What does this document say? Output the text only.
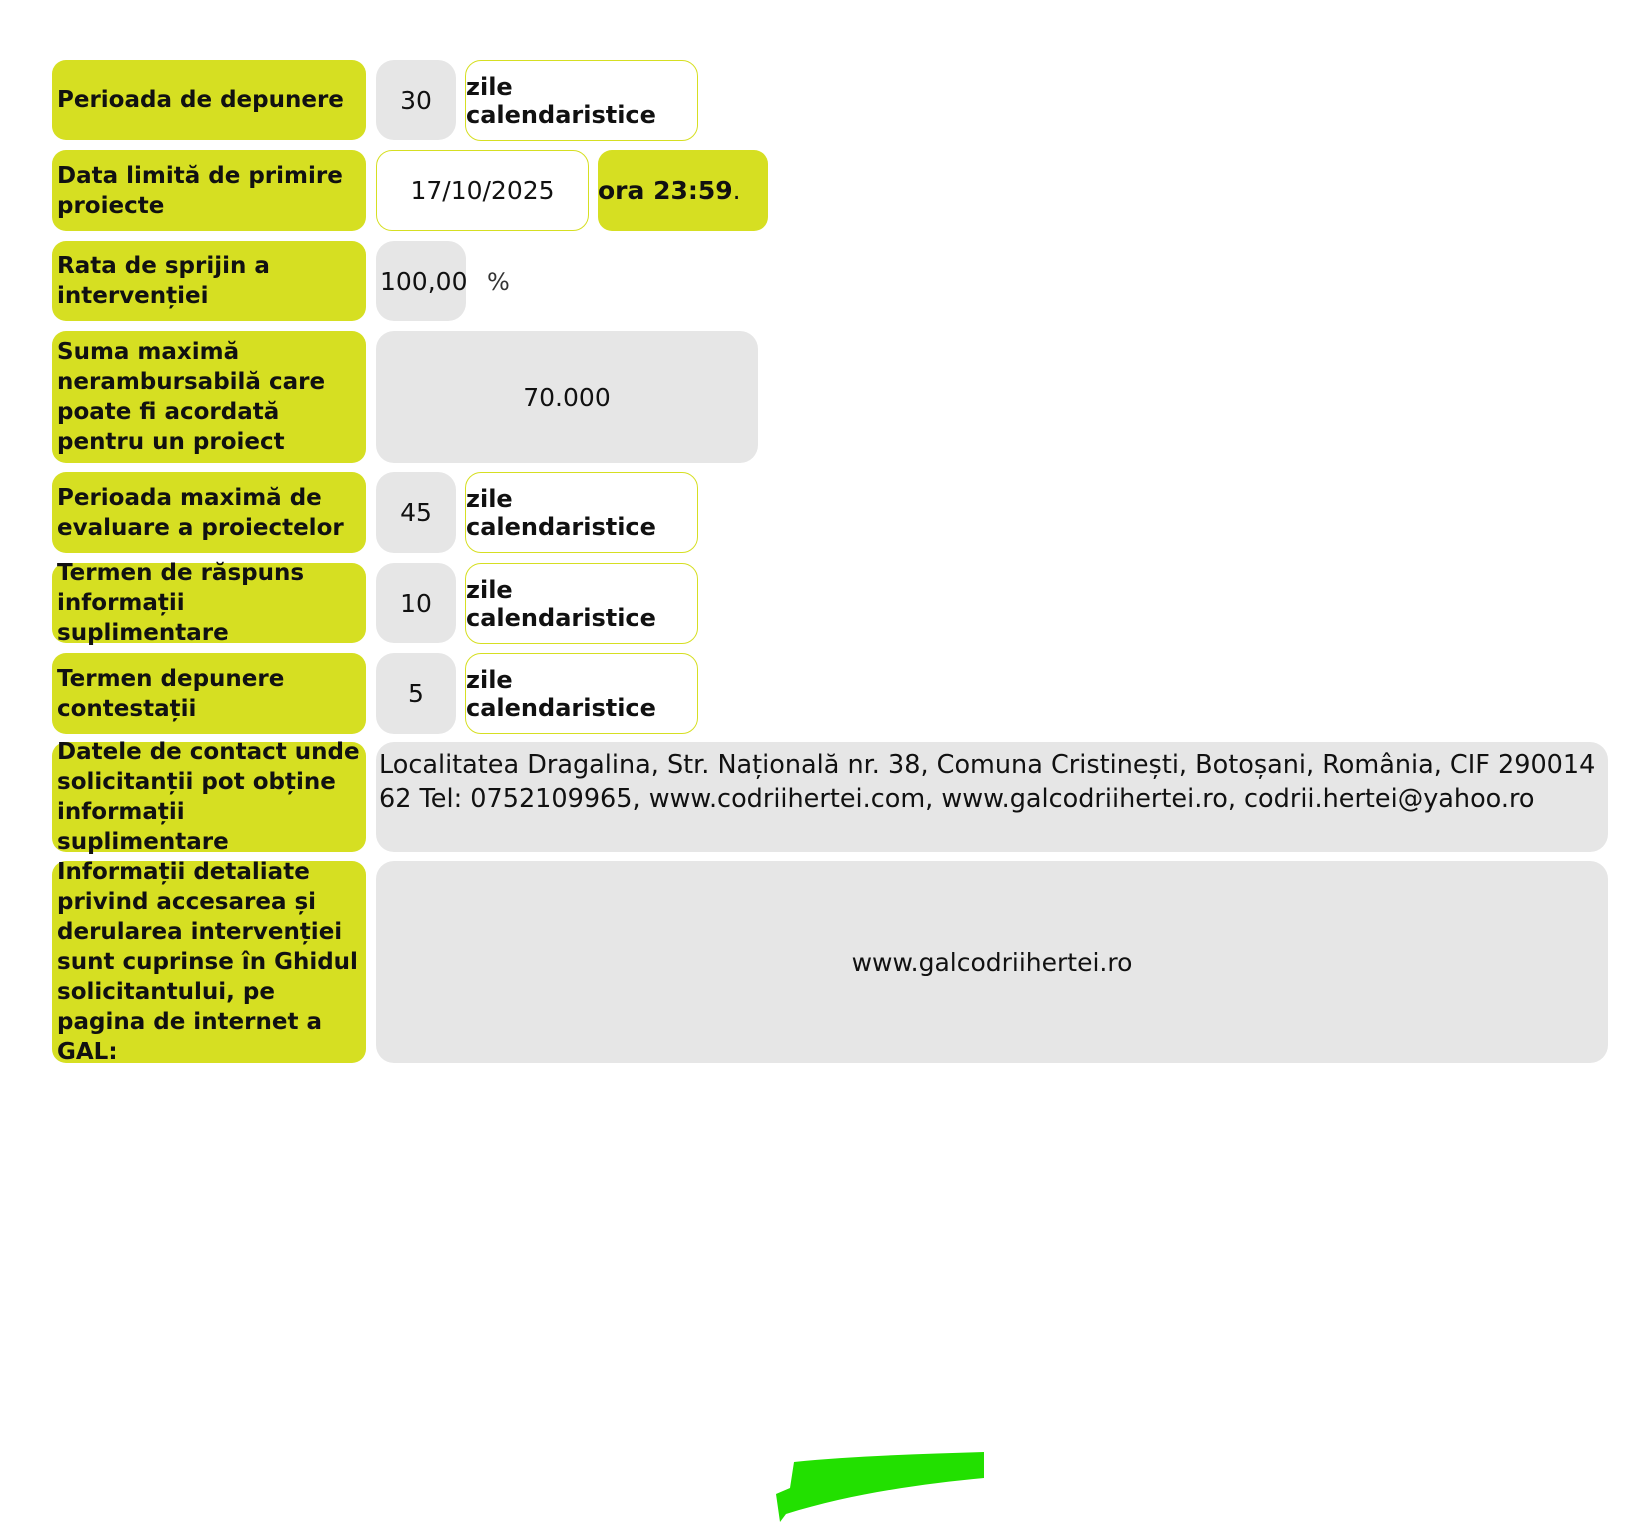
Perioada de depunere 30 zile calendaristice
Data limită de primire proiecte
17/10/2025 ora 23:59 .
Rata de sprijin a intervenției
100,00 %
Suma maximă nerambursabilă care poate fi acordată pentru un proiect
70.000
Perioada maximă de evaluare a proiectelor
45 zile calendaristice
Termen de răspuns informații suplimentare
10 zile calendaristice
Termen depunere contestații
5 zile calendaristice
Datele de contact unde solicitanții pot obține informații suplimentare
Localitatea Dragalina, Str. Națională nr. 38, Comuna Cristinești, Botoșani, România, CIF 29001462 Tel: 0752109965, www.codriihertei.com, www.galcodriihertei.ro, codrii.hertei@yahoo.ro
Informații detaliate privind accesarea și derularea intervenției sunt cuprinse în Ghidul solicitantului, pe pagina de internet a GAL:
www.galcodriihertei.ro
